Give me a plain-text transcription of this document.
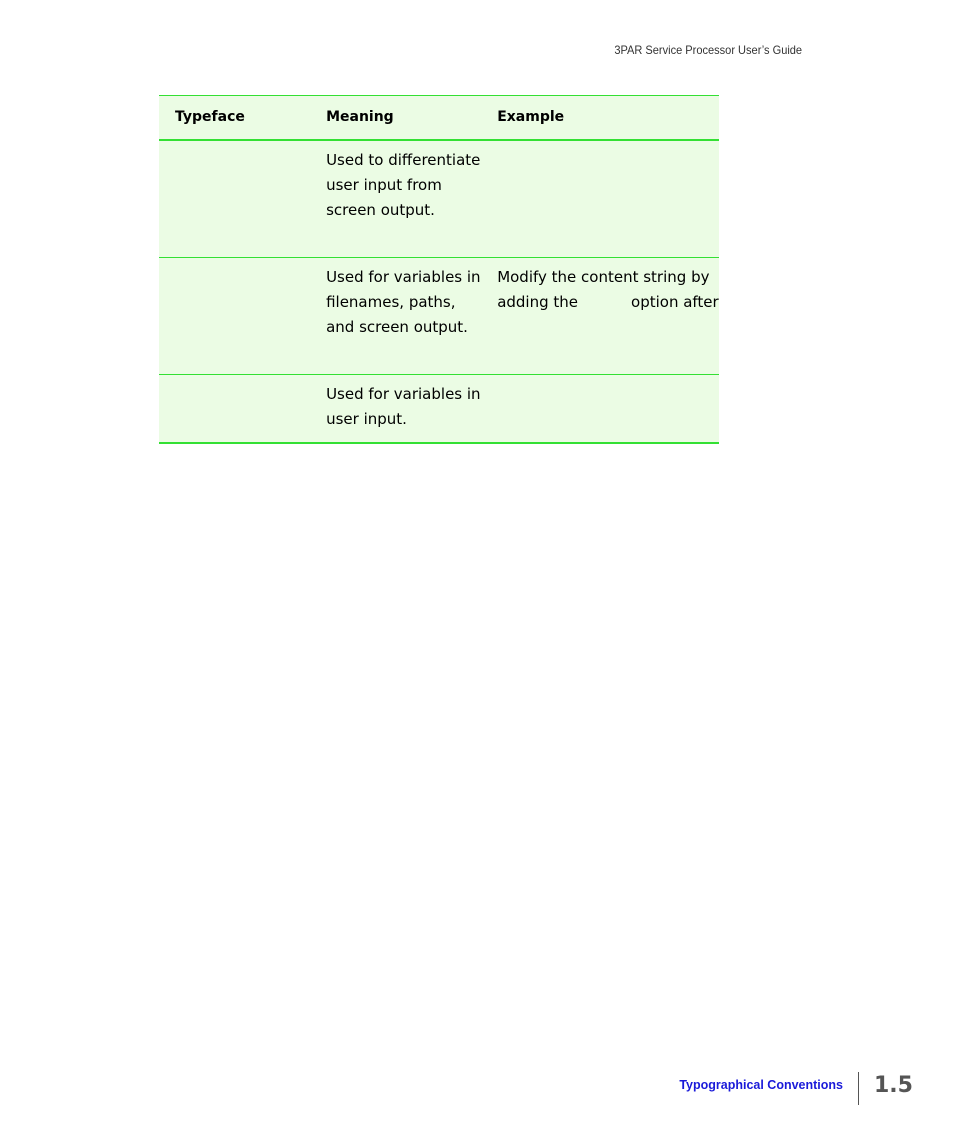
3PAR Service Processor User’s Guide
Typeface	Meaning	Example
	Used to differentiate user input from screen output.	
	Used for variables in filenames, paths, and screen output.	Modify the content string by adding the option after
	Used for variables in user input.	
Typographical Conventions 1.5
